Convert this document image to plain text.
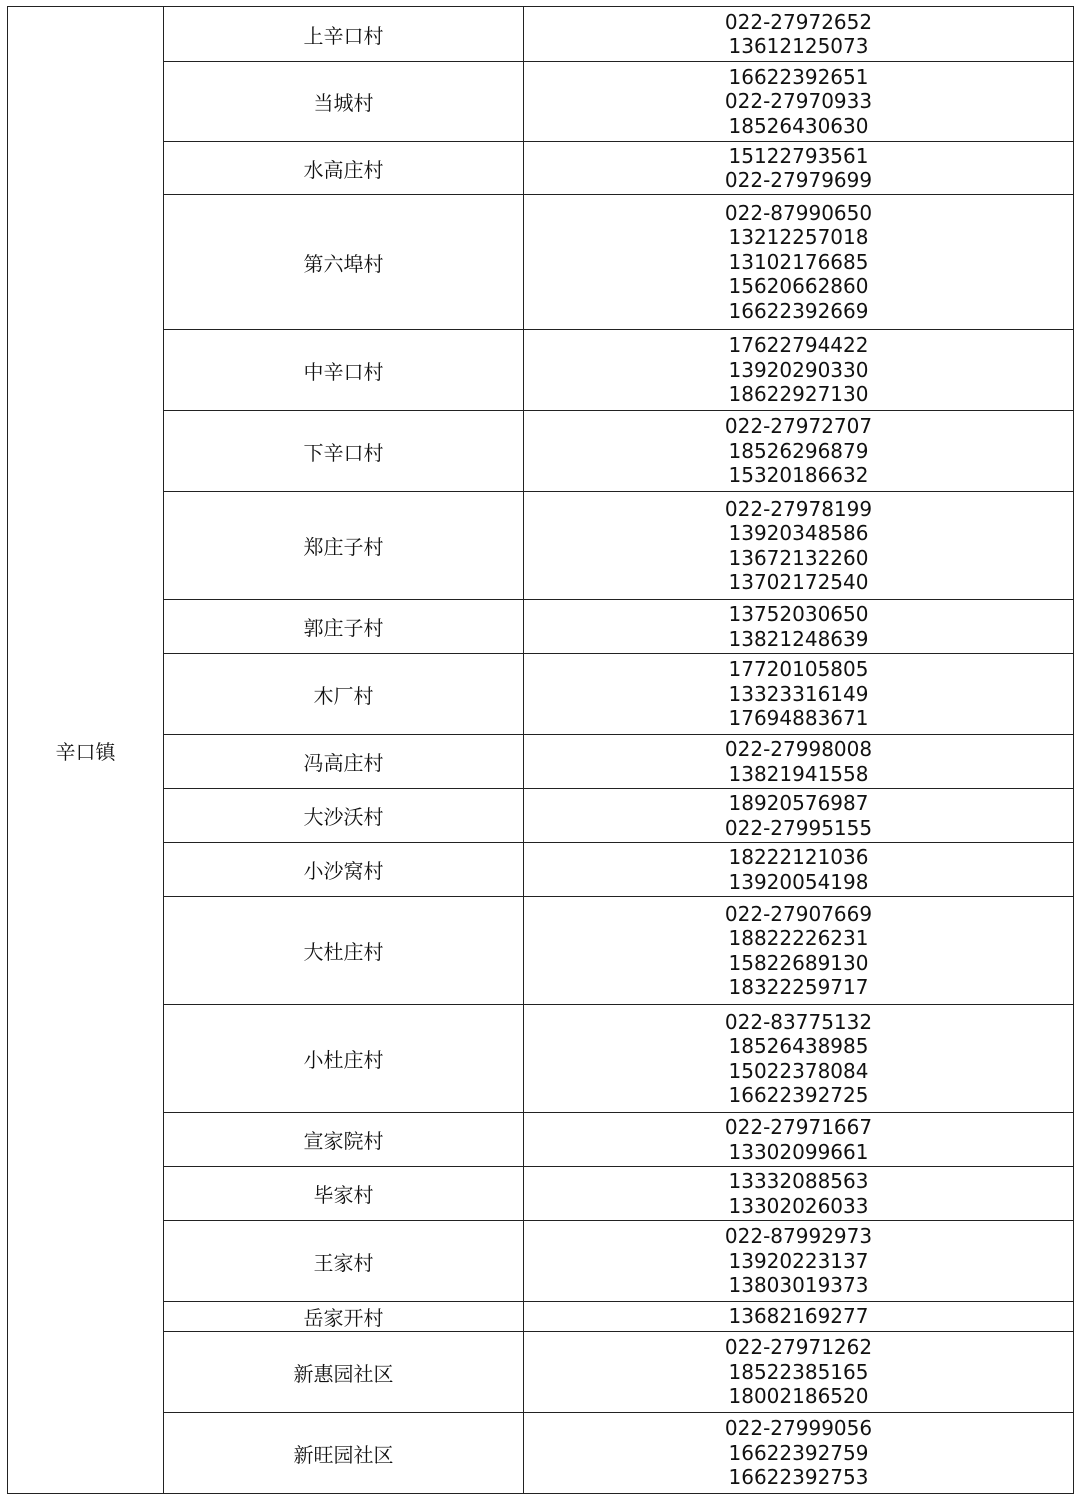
辛口镇	上辛口村	022-27972652
13612125073

	当城村	16622392651
022-27970933
18526430630

	水高庄村	15122793561
022-27979699

	第六埠村	022-87990650
13212257018
13102176685
15620662860
16622392669

	中辛口村	17622794422
13920290330
18622927130

	下辛口村	022-27972707
18526296879
15320186632

	郑庄子村	022-27978199
13920348586
13672132260
13702172540

	郭庄子村	13752030650
13821248639

	木厂村	17720105805
13323316149
17694883671

	冯高庄村	022-27998008
13821941558

	大沙沃村	18920576987
022-27995155

	小沙窝村	18222121036
13920054198

	大杜庄村	022-27907669
18822226231
15822689130
18322259717

	小杜庄村	022-83775132
18526438985
15022378084
16622392725

	宣家院村	022-27971667
13302099661

	毕家村	13332088563
13302026033

	王家村	022-87992973
13920223137
13803019373

	岳家开村	13682169277

	新惠园社区	022-27971262
18522385165
18002186520

	新旺园社区	022-27999056
16622392759
16622392753
